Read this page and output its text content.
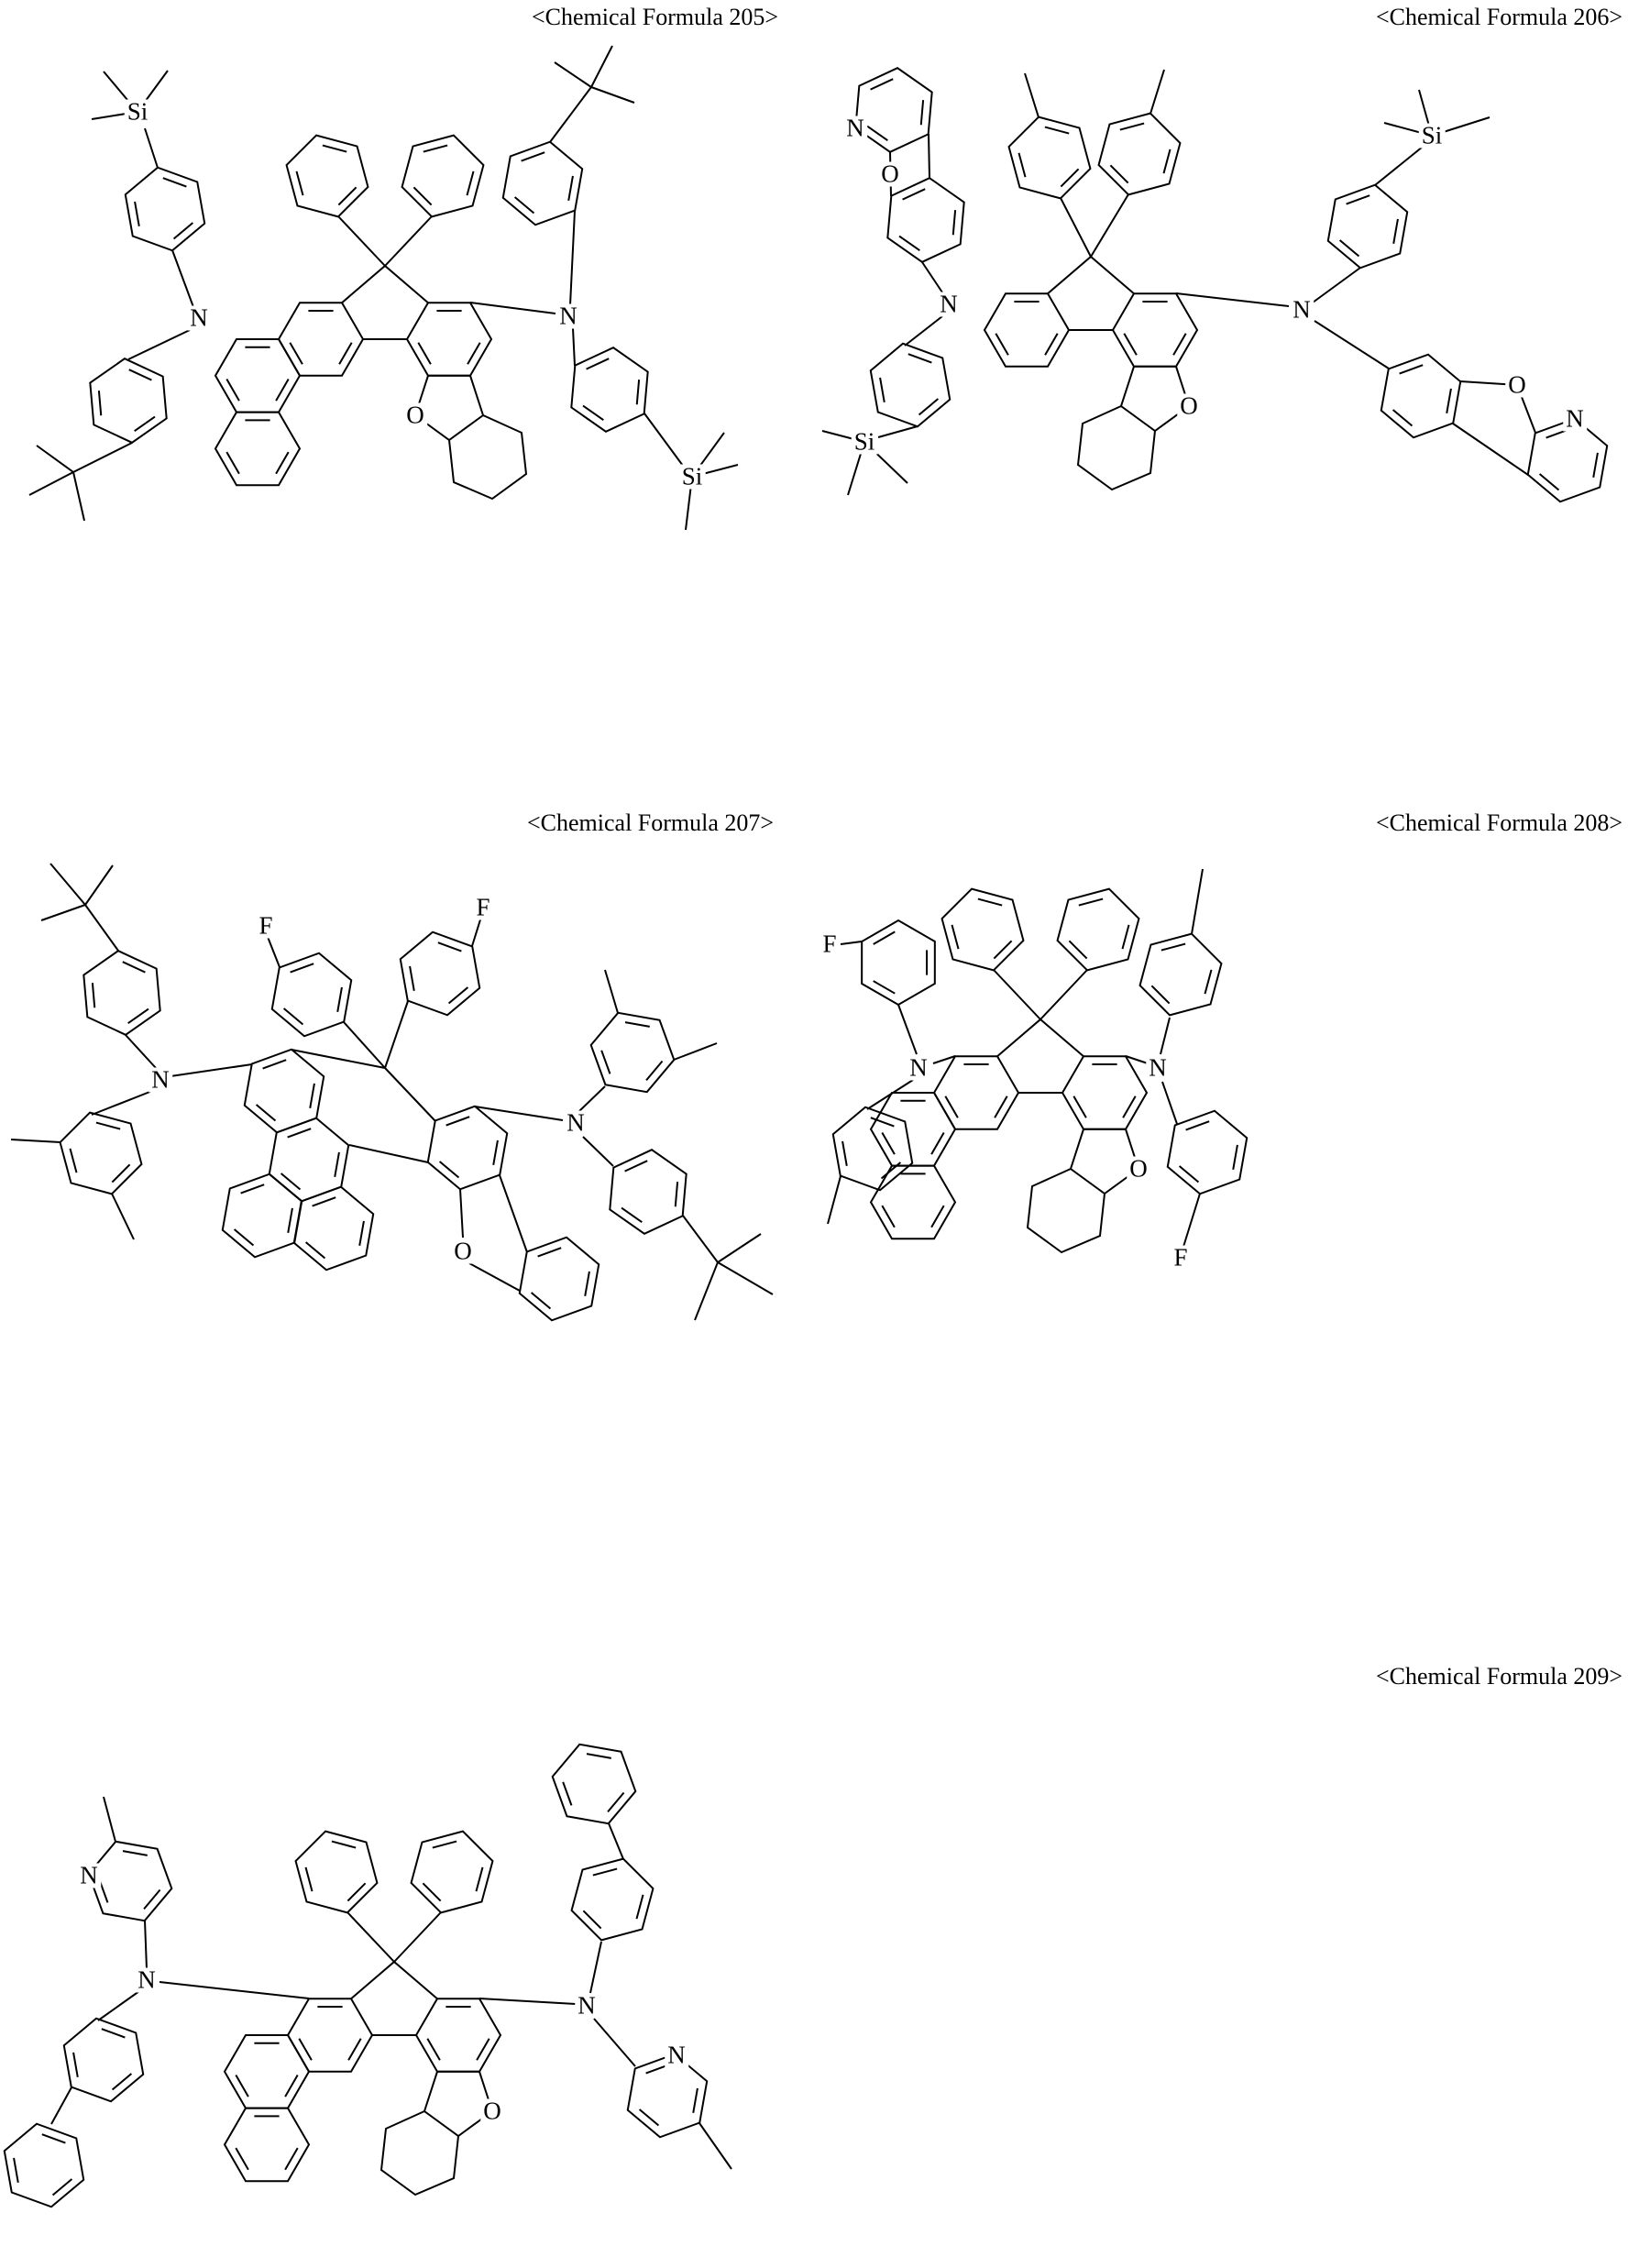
<Chemical Formula 205>	<Chemical Formula 206>
<Chemical Formula 207>	<Chemical Formula 208>
<Chemical Formula 209>
Si
N	N
Si
O
N
O
N
Si
Si
N
O
O
N
F
F
N
N
O
F
N	N
O
F
N
N
N
N
O
